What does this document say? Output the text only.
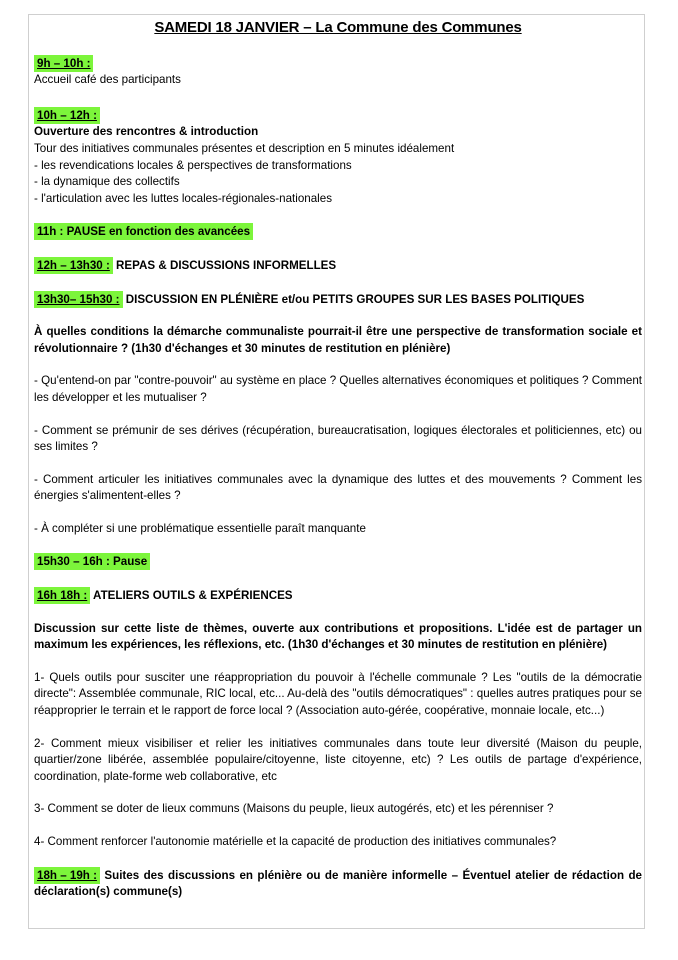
SAMEDI 18 JANVIER – La Commune des Communes

9h – 10h :
Accueil café des participants
10h – 12h :
Ouverture des rencontres & introduction
Tour des initiatives communales présentes et description en 5 minutes idéalement
- les revendications locales & perspectives de transformations
- la dynamique des collectifs
- l'articulation avec les luttes locales-régionales-nationales
11h : PAUSE en fonction des avancées
12h – 13h30 : REPAS & DISCUSSIONS INFORMELLES
13h30– 15h30 : DISCUSSION EN PLÉNIÈRE et/ou PETITS GROUPES SUR LES BASES POLITIQUES

À quelles conditions la démarche communaliste pourrait-il être une perspective de transformation sociale et révolutionnaire ? (1h30 d'échanges et 30 minutes de restitution en plénière)

- Qu'entend-on par "contre-pouvoir" au système en place ? Quelles alternatives économiques et politiques ? Comment les développer et les mutualiser ?

- Comment se prémunir de ses dérives (récupération, bureaucratisation, logiques électorales et politiciennes, etc) ou ses limites ?

- Comment articuler les initiatives communales avec la dynamique des luttes et des mouvements ? Comment les énergies s'alimentent-elles ?

- À compléter si une problématique essentielle paraît manquante

15h30 – 16h : Pause
16h 18h : ATELIERS OUTILS & EXPÉRIENCES

Discussion sur cette liste de thèmes, ouverte aux contributions et propositions. L'idée est de partager un maximum les expériences, les réflexions, etc. (1h30 d'échanges et 30 minutes de restitution en plénière)

1- Quels outils pour susciter une réappropriation du pouvoir à l'échelle communale ? Les "outils de la démocratie directe": Assemblée communale, RIC local, etc... Au-delà des "outils démocratiques" : quelles autres pratiques pour se réapproprier le terrain et le rapport de force local ? (Association auto-gérée, coopérative, monnaie locale, etc...)

2- Comment mieux visibiliser et relier les initiatives communales dans toute leur diversité (Maison du peuple, quartier/zone libérée, assemblée populaire/citoyenne, liste citoyenne, etc) ? Les outils de partage d'expérience, coordination, plate-forme web collaborative, etc

3- Comment se doter de lieux communs (Maisons du peuple, lieux autogérés, etc) et les pérenniser ?

4- Comment renforcer l'autonomie matérielle et la capacité de production des initiatives communales?

18h – 19h : Suites des discussions en plénière ou de manière informelle – Éventuel atelier de rédaction de déclaration(s) commune(s)
